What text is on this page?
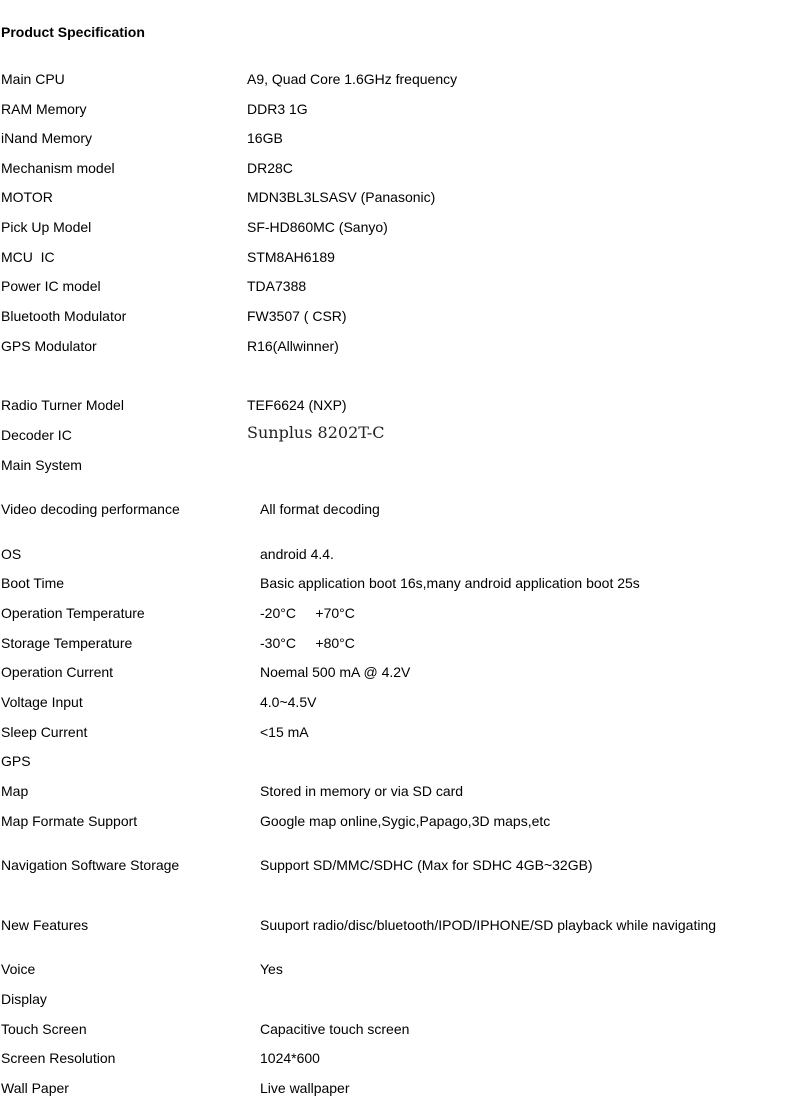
Product Specification
Main CPU	A9, Quad Core 1.6GHz frequency
RAM Memory	DDR3 1G
iNand Memory	16GB
Mechanism model	DR28C
MOTOR	MDN3BL3LSASV (Panasonic)
Pick Up Model	SF-HD860MC (Sanyo)
MCU  IC	STM8AH6189
Power IC model	TDA7388
Bluetooth Modulator	FW3507 ( CSR)
GPS Modulator	R16(Allwinner)
Radio Turner Model	TEF6624 (NXP)
Decoder IC	Sunplus 8202T-C
Main System
Video decoding performance	All format decoding
OS	android 4.4.
Boot Time	Basic application boot 16s,many android application boot 25s
Operation Temperature	-20°C     +70°C
Storage Temperature	-30°C     +80°C
Operation Current	Noemal 500 mA @ 4.2V
Voltage Input	4.0~4.5V
Sleep Current	<15 mA
GPS
Map	Stored in memory or via SD card
Map Formate Support	Google map online,Sygic,Papago,3D maps,etc
Navigation Software Storage	Support SD/MMC/SDHC (Max for SDHC 4GB~32GB)
New Features	Suuport radio/disc/bluetooth/IPOD/IPHONE/SD playback while navigating
Voice	Yes
Display
Touch Screen	Capacitive touch screen
Screen Resolution	1024*600
Wall Paper	Live wallpaper
